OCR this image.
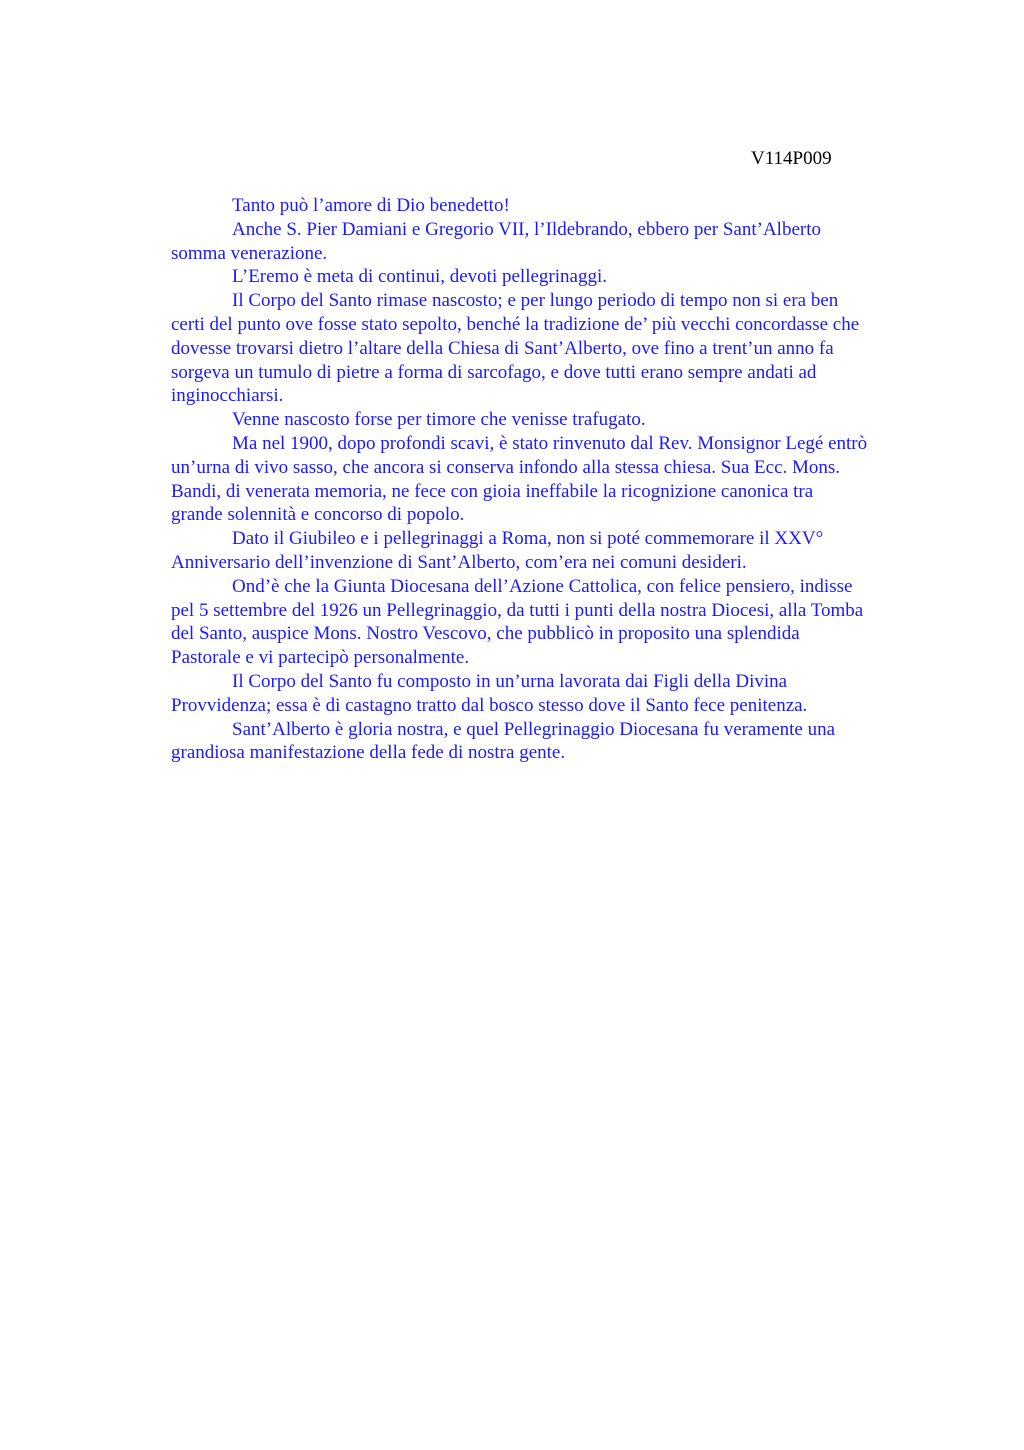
V114P009
Tanto può l’amore di Dio benedetto!
Anche S. Pier Damiani e Gregorio VII, l’Ildebrando, ebbero per Sant’Alberto
somma venerazione.
L’Eremo è meta di continui, devoti pellegrinaggi.
Il Corpo del Santo rimase nascosto; e per lungo periodo di tempo non si era ben
certi del punto ove fosse stato sepolto, benché la tradizione de’ più vecchi concordasse che
dovesse trovarsi dietro l’altare della Chiesa di Sant’Alberto, ove fino a trent’un anno fa
sorgeva un tumulo di pietre a forma di sarcofago, e dove tutti erano sempre andati ad
inginocchiarsi.
Venne nascosto forse per timore che venisse trafugato.
Ma nel 1900, dopo profondi scavi, è stato rinvenuto dal Rev. Monsignor Legé entrò
un’urna di vivo sasso, che ancora si conserva infondo alla stessa chiesa. Sua Ecc. Mons.
Bandi, di venerata memoria, ne fece con gioia ineffabile la ricognizione canonica tra
grande solennità e concorso di popolo.
Dato il Giubileo e i pellegrinaggi a Roma, non si poté commemorare il XXV°
Anniversario dell’invenzione di Sant’Alberto, com’era nei comuni desideri.
Ond’è che la Giunta Diocesana dell’Azione Cattolica, con felice pensiero, indisse
pel 5 settembre del 1926 un Pellegrinaggio, da tutti i punti della nostra Diocesi, alla Tomba
del Santo, auspice Mons. Nostro Vescovo, che pubblicò in proposito una splendida
Pastorale e vi partecipò personalmente.
Il Corpo del Santo fu composto in un’urna lavorata dai Figli della Divina
Provvidenza; essa è di castagno tratto dal bosco stesso dove il Santo fece penitenza.
Sant’Alberto è gloria nostra, e quel Pellegrinaggio Diocesana fu veramente una
grandiosa manifestazione della fede di nostra gente.
